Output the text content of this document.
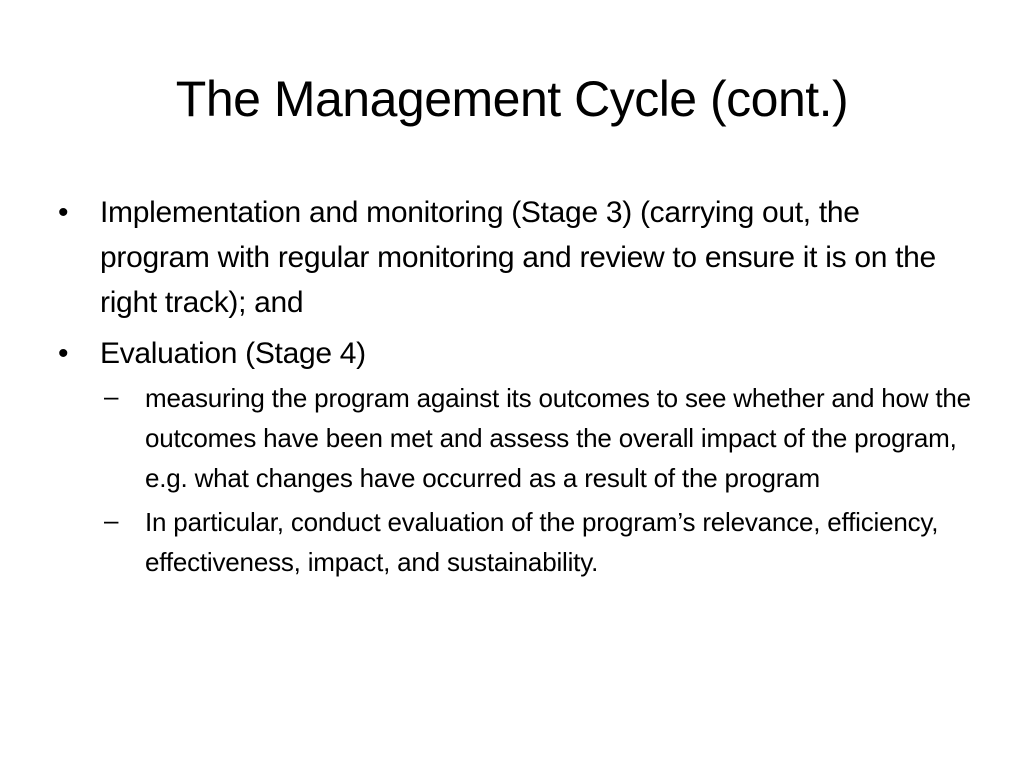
The Management Cycle (cont.)
• Implementation and monitoring (Stage 3) (carrying out, the program with regular monitoring and review to ensure it is on the right track); and
• Evaluation (Stage 4)
– measuring the program against its outcomes to see whether and how the outcomes have been met and assess the overall impact of the program, e.g. what changes have occurred as a result of the program
– In particular, conduct evaluation of the program’s relevance, efficiency, effectiveness, impact, and sustainability.
